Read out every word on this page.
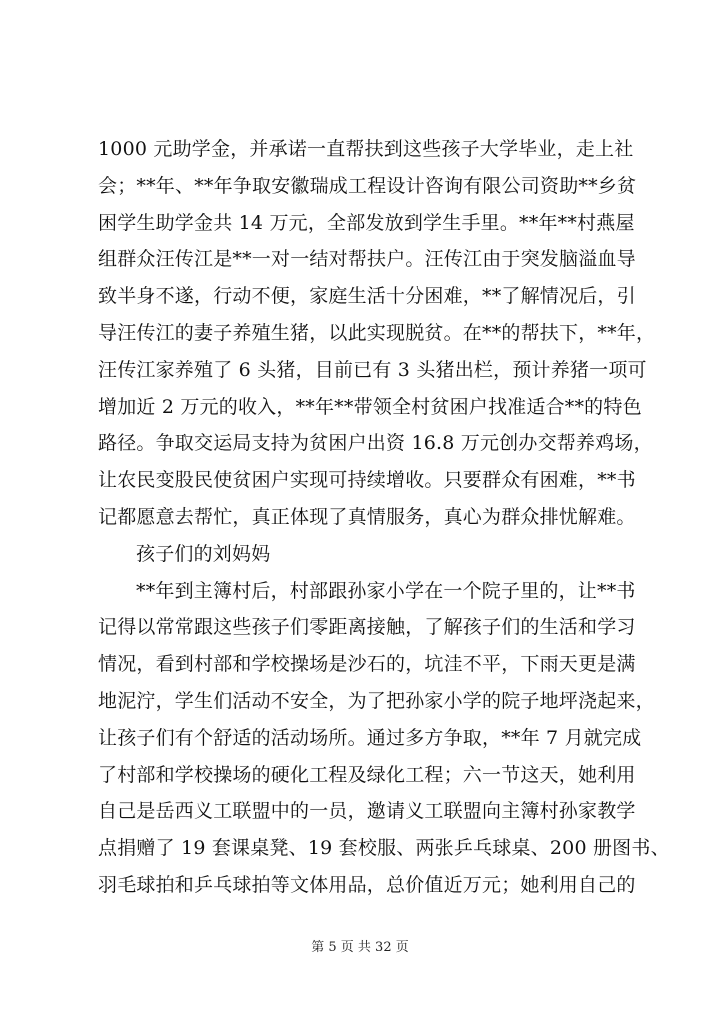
1000 元助学金，并承诺一直帮扶到这些孩子大学毕业，走上社
会；**年、**年争取安徽瑞成工程设计咨询有限公司资助**乡贫
困学生助学金共 14 万元，全部发放到学生手里。**年**村燕屋
组群众汪传江是**一对一结对帮扶户。汪传江由于突发脑溢血导
致半身不遂，行动不便，家庭生活十分困难，**了解情况后，引
导汪传江的妻子养殖生猪，以此实现脱贫。在**的帮扶下，**年，
汪传江家养殖了 6 头猪，目前已有 3 头猪出栏，预计养猪一项可
增加近 2 万元的收入，**年**带领全村贫困户找准适合**的特色
路径。争取交运局支持为贫困户出资 16.8 万元创办交帮养鸡场，
让农民变股民使贫困户实现可持续增收。只要群众有困难，**书
记都愿意去帮忙，真正体现了真情服务，真心为群众排忧解难。
孩子们的刘妈妈
**年到主簿村后，村部跟孙家小学在一个院子里的，让**书
记得以常常跟这些孩子们零距离接触，了解孩子们的生活和学习
情况，看到村部和学校操场是沙石的，坑洼不平，下雨天更是满
地泥泞，学生们活动不安全，为了把孙家小学的院子地坪浇起来，
让孩子们有个舒适的活动场所。通过多方争取，**年 7 月就完成
了村部和学校操场的硬化工程及绿化工程；六一节这天，她利用
自己是岳西义工联盟中的一员，邀请义工联盟向主簿村孙家教学
点捐赠了 19 套课桌凳、19 套校服、两张乒乓球桌、200 册图书、
羽毛球拍和乒乓球拍等文体用品，总价值近万元；她利用自己的
第 5 页 共 32 页
